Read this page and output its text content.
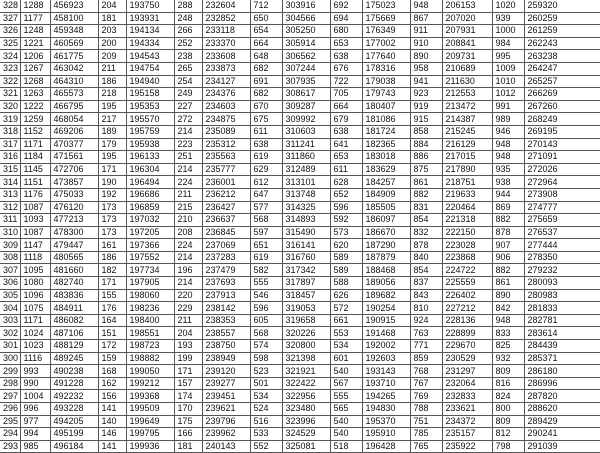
328	1288	456923	204	193750	288	232604	712	303916	692	175023	948	206153	1020	259320
327	1177	458100	181	193931	248	232852	650	304566	694	175669	867	207020	939	260259
326	1248	459348	203	194134	266	233118	654	305250	680	176349	911	207931	1000	261259
325	1221	460569	200	194334	252	233370	664	305914	653	177002	910	208841	984	262243
324	1206	461775	209	194543	238	233608	648	306562	638	177640	890	209731	995	263238
323	1267	463042	211	194754	265	233873	682	307244	676	178316	958	210689	1009	264247
322	1268	464310	186	194940	254	234127	691	307935	722	179038	941	211630	1010	265257
321	1263	465573	218	195158	249	234376	682	308617	705	179743	923	212553	1012	266269
320	1222	466795	195	195353	227	234603	670	309287	664	180407	919	213472	991	267260
319	1259	468054	217	195570	272	234875	675	309992	679	181086	915	214387	989	268249
318	1152	469206	189	195759	214	235089	611	310603	638	181724	858	215245	946	269195
317	1171	470377	179	195938	223	235312	638	311241	641	182365	884	216129	948	270143
316	1184	471561	195	196133	251	235563	619	311860	653	183018	886	217015	948	271091
315	1145	472706	171	196304	214	235777	629	312489	611	183629	875	217890	935	272026
314	1151	473857	190	196494	224	236001	612	313101	628	184257	861	218751	938	272964
313	1176	475033	192	196686	211	236212	647	313748	652	184909	882	219633	944	273908
312	1087	476120	173	196859	215	236427	577	314325	596	185505	831	220464	869	274777
311	1093	477213	173	197032	210	236637	568	314893	592	186097	854	221318	882	275659
310	1087	478300	173	197205	208	236845	597	315490	573	186670	832	222150	878	276537
309	1147	479447	161	197366	224	237069	651	316141	620	187290	878	223028	907	277444
308	1118	480565	186	197552	214	237283	619	316760	589	187879	840	223868	906	278350
307	1095	481660	182	197734	196	237479	582	317342	589	188468	854	224722	882	279232
306	1080	482740	171	197905	214	237693	555	317897	588	189056	837	225559	861	280093
305	1096	483836	155	198060	220	237913	546	318457	626	189682	843	226402	890	280983
304	1075	484911	176	198236	229	238142	596	319053	572	190254	810	227212	842	281833
303	1171	486082	164	198400	211	238353	605	319658	661	190915	924	228136	948	282781
302	1024	487106	151	198551	204	238557	568	320226	553	191468	763	228899	833	283614
301	1023	488129	172	198723	193	238750	574	320800	534	192002	771	229670	825	284439
300	1116	489245	159	198882	199	238949	598	321398	601	192603	859	230529	932	285371
299	993	490238	168	199050	171	239120	523	321921	540	193143	768	231297	809	286180
298	990	491228	162	199212	157	239277	501	322422	567	193710	767	232064	816	286996
297	1004	492232	156	199368	174	239451	534	322956	555	194265	769	232833	824	287820
296	996	493228	141	199509	170	239621	524	323480	565	194830	788	233621	800	288620
295	977	494205	140	199649	175	239796	516	323996	540	195370	751	234372	809	289429
294	994	495199	146	199795	166	239962	533	324529	540	195910	785	235157	812	290241
293	985	496184	141	199936	181	240143	552	325081	518	196428	765	235922	798	291039
